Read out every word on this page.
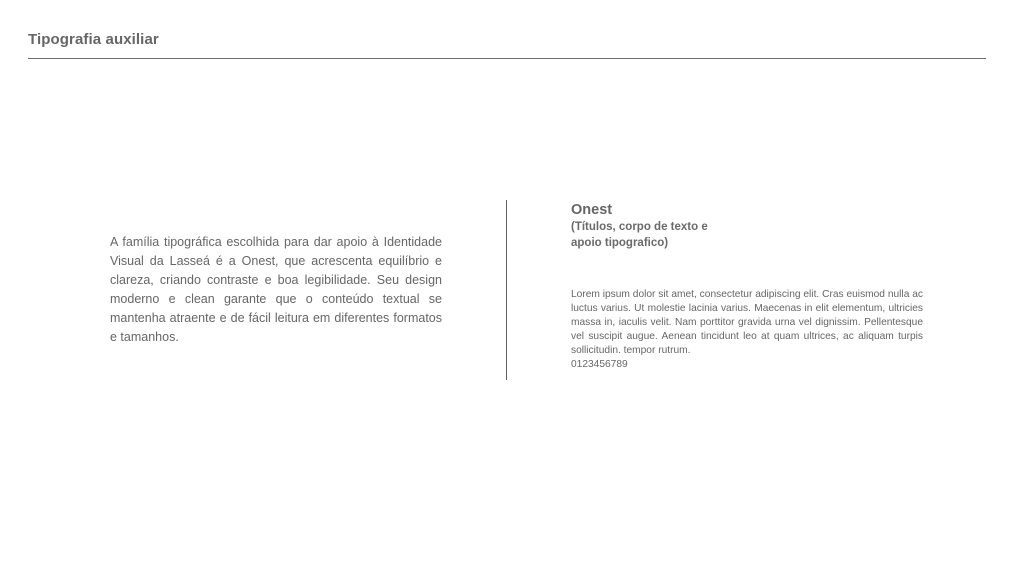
Tipografia auxiliar

A família tipográfica escolhida para dar apoio à Identidade Visual da Lasseá é a Onest, que acrescenta equilíbrio e clareza, criando contraste e boa legibilidade. Seu design moderno e clean garante que o conteúdo textual se mantenha atraente e de fácil leitura em diferentes formatos e tamanhos.

Onest
(Títulos, corpo de texto e apoio tipografico)
Lorem ipsum dolor sit amet, consectetur adipiscing elit. Cras euismod nulla ac luctus varius. Ut molestie lacinia varius. Maecenas in elit elementum, ultricies massa in, iaculis velit. Nam porttitor gravida urna vel dignissim. Pellentesque vel suscipit augue. Aenean tincidunt leo at quam ultrices, ac aliquam turpis sollicitudin. tempor rutrum.
0123456789
